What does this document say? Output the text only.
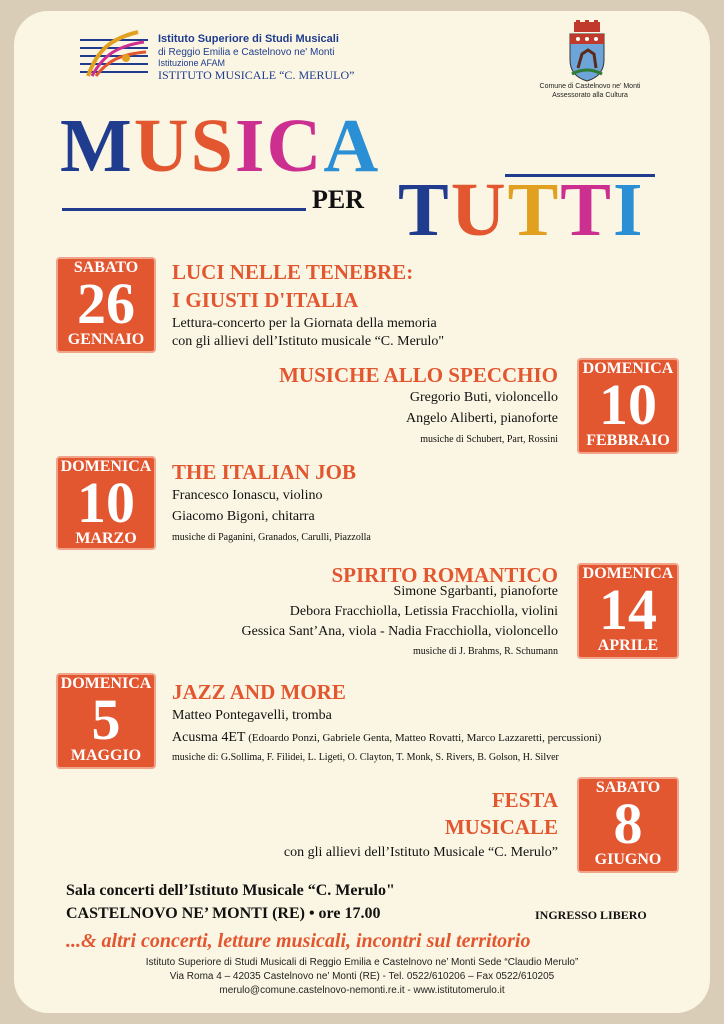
Istituto Superiore di Studi Musicali
di Reggio Emilia e Castelnovo ne' Monti
Istituzione AFAM
ISTITUTO MUSICALE “C. MERULO”
Comune di Castelnovo ne' Monti
Assessorato alla Cultura
MUSICA
PER TUTTI
SABATO
26
GENNAIO
LUCI NELLE TENEBRE:
I GIUSTI D'ITALIA
Lettura-concerto per la Giornata della memoria
con gli allievi dell’Istituto musicale “C. Merulo"
MUSICHE ALLO SPECCHIO
Gregorio Buti, violoncello
Angelo Aliberti, pianoforte
musiche di Schubert, Part, Rossini
DOMENICA
10
FEBBRAIO
DOMENICA
10
MARZO
THE ITALIAN JOB
Francesco Ionascu, violino
Giacomo Bigoni, chitarra
musiche di Paganini, Granados, Carulli, Piazzolla
SPIRITO ROMANTICO
Simone Sgarbanti, pianoforte
Debora Fracchiolla, Letissia Fracchiolla, violini
Gessica Sant’Ana, viola - Nadia Fracchiolla, violoncello
musiche di J. Brahms, R. Schumann
DOMENICA
14
APRILE
DOMENICA
5
MAGGIO
JAZZ AND MORE
Matteo Pontegavelli, tromba
Acusma 4ET (Edoardo Ponzi, Gabriele Genta, Matteo Rovatti, Marco Lazzaretti, percussioni)
musiche di: G.Sollima, F. Filidei, L. Ligeti, O. Clayton, T. Monk, S. Rivers, B. Golson, H. Silver
FESTA
MUSICALE
con gli allievi dell’Istituto Musicale “C. Merulo”
SABATO
8
GIUGNO
Sala concerti dell’Istituto Musicale “C. Merulo"
CASTELNOVO NE’ MONTI (RE) • ore 17.00	INGRESSO LIBERO
...& altri concerti, letture musicali, incontri sul territorio
Istituto Superiore di Studi Musicali di Reggio Emilia e Castelnovo ne’ Monti Sede “Claudio Merulo”
Via Roma 4 – 42035 Castelnovo ne’ Monti (RE) - Tel. 0522/610206 – Fax 0522/610205
merulo@comune.castelnovo-nemonti.re.it - www.istitutomerulo.it
